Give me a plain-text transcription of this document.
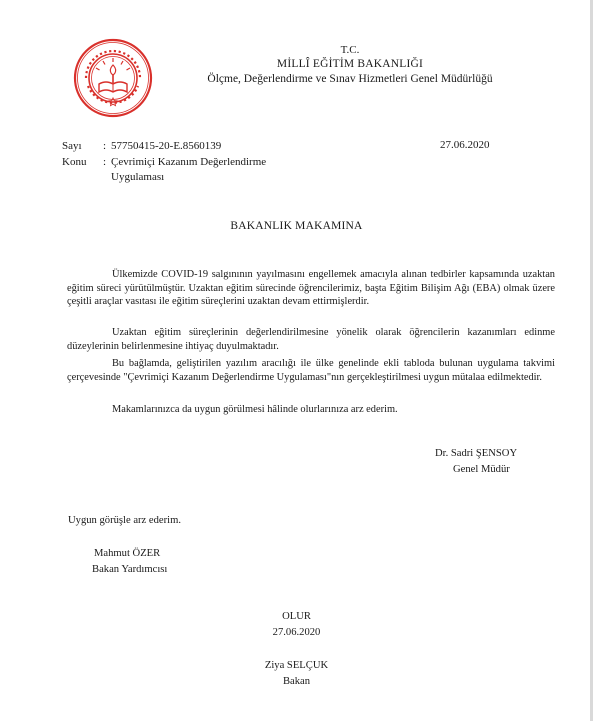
T.C.
MİLLÎ EĞİTİM BAKANLIĞI
Ölçme, Değerlendirme ve Sınav Hizmetleri Genel Müdürlüğü
Sayı : 57750415-20-E.8560139
Konu : Çevrimiçi Kazanım Değerlendirme
Uygulaması
27.06.2020
BAKANLIK MAKAMINA
Ülkemizde COVID-19 salgınının yayılmasını engellemek amacıyla alınan tedbirler kapsamında uzaktan eğitim süreci yürütülmüştür. Uzaktan eğitim sürecinde öğrencilerimiz, başta Eğitim Bilişim Ağı (EBA) olmak üzere çeşitli araçlar vasıtası ile eğitim süreçlerini uzaktan devam ettirmişlerdir.
Uzaktan eğitim süreçlerinin değerlendirilmesine yönelik olarak öğrencilerin kazanımları edinme düzeylerinin belirlenmesine ihtiyaç duyulmaktadır.
Bu bağlamda, geliştirilen yazılım aracılığı ile ülke genelinde ekli tabloda bulunan uygulama takvimi çerçevesinde "Çevrimiçi Kazanım Değerlendirme Uygulaması"nın gerçekleştirilmesi uygun mütalaa edilmektedir.
Makamlarınızca da uygun görülmesi hâlinde olurlarınıza arz ederim.
Dr. Sadri ŞENSOY
Genel Müdür
Uygun görüşle arz ederim.
Mahmut ÖZER
Bakan Yardımcısı
OLUR
27.06.2020
Ziya SELÇUK
Bakan
